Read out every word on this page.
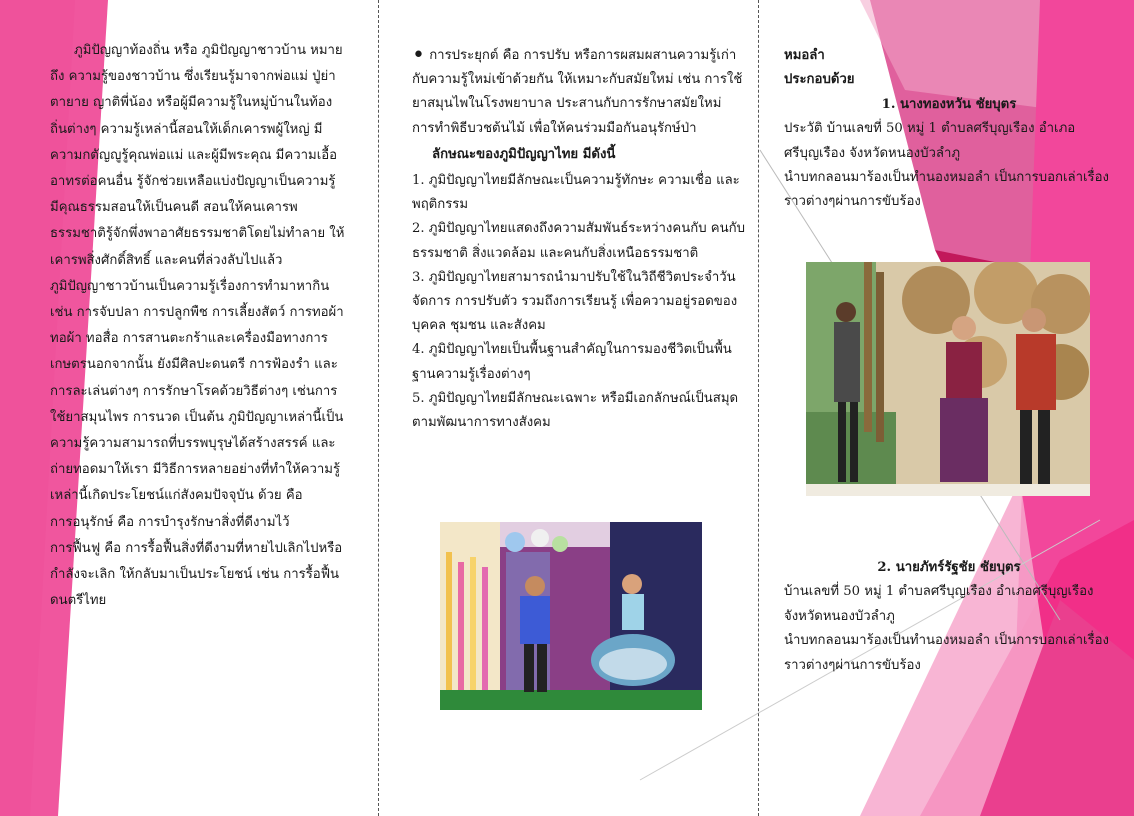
ภูมิปัญญาท้องถิ่น หรือ ภูมิปัญญาชาวบ้าน หมายถึง ความรู้ของชาวบ้าน ซึ่งเรียนรู้มาจากพ่อแม่ ปู่ย่าตายาย ญาติพี่น้อง หรือผู้มีความรู้ในหมู่บ้านในท้องถิ่นต่างๆ ความรู้เหล่านี้สอนให้เด็กเคารพผู้ใหญ่ มีความกตัญญูรู้คุณพ่อแม่ และผู้มีพระคุณ มีความเอื้ออาทรต่อคนอื่น รู้จักช่วยเหลือแบ่งปัญญาเป็นความรู้ มีคุณธรรมสอนให้เป็นคนดี สอนให้คนเคารพธรรมชาติรู้จักพึ่งพาอาศัยธรรมชาติโดยไม่ทำลาย ให้เคารพสิ่งศักดิ์สิทธิ์ และคนที่ล่วงลับไปแล้ว

ภูมิปัญญาชาวบ้านเป็นความรู้เรื่องการทำมาหากิน เช่น การจับปลา การปลูกพืช การเลี้ยงสัตว์ การทอผ้า ทอผ้า ทอสื่อ การสานตะกร้าและเครื่องมือทางการเกษตรนอกจากนั้น ยังมีศิลปะดนตรี การฟ้องรำ และการละเล่นต่างๆ การรักษาโรคด้วยวิธีต่างๆ เช่นการใช้ยาสมุนไพร การนวด เป็นต้น ภูมิปัญญาเหล่านี้เป็นความรู้ความสามารถที่บรรพบุรุษได้สร้างสรรค์ และถ่ายทอดมาให้เรา มีวิธีการหลายอย่างที่ทำให้ความรู้เหล่านี้เกิดประโยชน์แก่สังคมปัจจุบัน ด้วย คือ

การอนุรักษ์ คือ การบำรุงรักษาสิ่งที่ดีงามไว้

การฟื้นฟู คือ การรื้อฟื้นสิ่งที่ดีงามที่หายไปเลิกไปหรือกำลังจะเลิก ให้กลับมาเป็นประโยชน์ เช่น การรื้อฟื้นดนตรีไทย

• การประยุกต์ คือ การปรับ หรือการผสมผสานความรู้เก่ากับความรู้ใหม่เข้าด้วยกัน ให้เหมาะกับสมัยใหม่ เช่น การใช้ยาสมุนไพในโรงพยาบาล ประสานกับการรักษาสมัยใหม่ การทำพิธีบวชต้นไม้ เพื่อให้คนร่วมมือกันอนุรักษ์ป่า

ลักษณะของภูมิปัญญาไทย มีดังนี้

1. ภูมิปัญญาไทยมีลักษณะเป็นความรู้ทักษะ ความเชื่อ และพฤติกรรม

2. ภูมิปัญญาไทยแสดงถึงความสัมพันธ์ระหว่างคนกับ คนกับธรรมชาติ สิ่งแวดล้อม และคนกับสิ่งเหนือธรรมชาติ

3. ภูมิปัญญาไทยสามารถนำมาปรับใช้ในวิถีชีวิตประจำวัน จัดการ การปรับตัว รวมถึงการเรียนรู้ เพื่อความอยู่รอดของบุคคล ชุมชน และสังคม

4. ภูมิปัญญาไทยเป็นพื้นฐานสำคัญในการมองชีวิตเป็นพื้นฐานความรู้เรื่องต่างๆ

5. ภูมิปัญญาไทยมีลักษณะเฉพาะ หรือมีเอกลักษณ์เป็นสมุดตามพัฒนาการทางสังคม

หมอลำ

ประกอบด้วย

1. นางทองหวัน ชัยบุตร

ประวัติ บ้านเลขที่ 50 หมู่ 1 ตำบลศรีบุญเรือง อำเภอศรีบุญเรือง จังหวัดหนองบัวลำภู

นำบทกลอนมาร้องเป็นทำนองหมอลำ เป็นการบอกเล่าเรื่องราวต่างๆผ่านการขับร้อง

2. นายภัทร์รัฐชัย ชัยบุตร

บ้านเลขที่ 50 หมู่ 1 ตำบลศรีบุญเรือง อำเภอศรีบุญเรือง จังหวัดหนองบัวลำภู

นำบทกลอนมาร้องเป็นทำนองหมอลำ เป็นการบอกเล่าเรื่องราวต่างๆผ่านการขับร้อง
